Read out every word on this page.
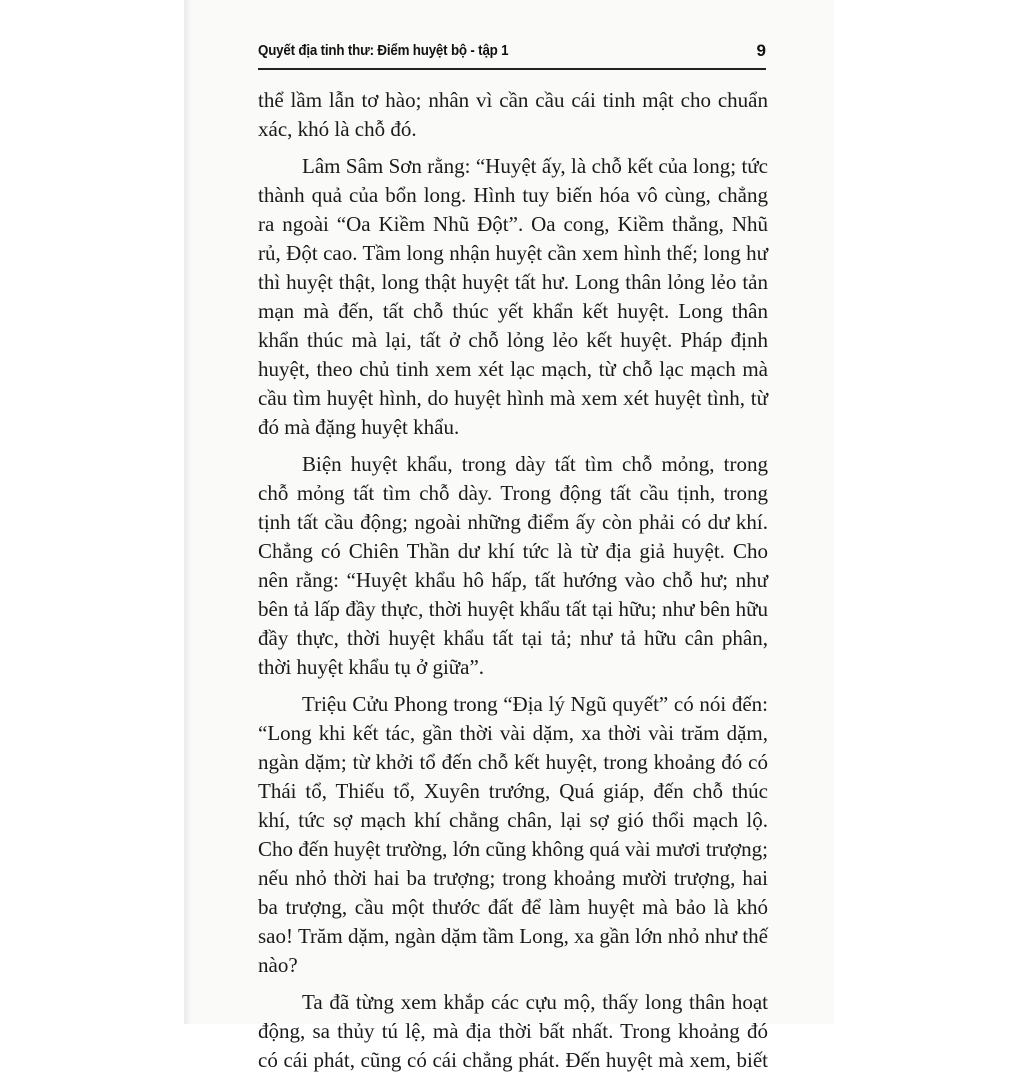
Quyết địa tinh thư: Điểm huyệt bộ - tập 1	9

thể lầm lẫn tơ hào; nhân vì cần cầu cái tinh mật cho chuẩn xác, khó là chỗ đó.

Lâm Sâm Sơn rằng: “Huyệt ấy, là chỗ kết của long; tức thành quả của bổn long. Hình tuy biến hóa vô cùng, chẳng ra ngoài “Oa Kiềm Nhũ Đột”. Oa cong, Kiềm thẳng, Nhũ rủ, Đột cao. Tầm long nhận huyệt cần xem hình thế; long hư thì huyệt thật, long thật huyệt tất hư. Long thân lỏng lẻo tản mạn mà đến, tất chỗ thúc yết khẩn kết huyệt. Long thân khẩn thúc mà lại, tất ở chỗ lỏng lẻo kết huyệt. Pháp định huyệt, theo chủ tinh xem xét lạc mạch, từ chỗ lạc mạch mà cầu tìm huyệt hình, do huyệt hình mà xem xét huyệt tình, từ đó mà đặng huyệt khẩu.

Biện huyệt khẩu, trong dày tất tìm chỗ mỏng, trong chỗ mỏng tất tìm chỗ dày. Trong động tất cầu tịnh, trong tịnh tất cầu động; ngoài những điểm ấy còn phải có dư khí. Chẳng có Chiên Thần dư khí tức là từ địa giả huyệt. Cho nên rằng: “Huyệt khẩu hô hấp, tất hướng vào chỗ hư; như bên tả lấp đầy thực, thời huyệt khẩu tất tại hữu; như bên hữu đầy thực, thời huyệt khẩu tất tại tả; như tả hữu cân phân, thời huyệt khẩu tụ ở giữa”.

Triệu Cửu Phong trong “Địa lý Ngũ quyết” có nói đến: “Long khi kết tác, gần thời vài dặm, xa thời vài trăm dặm, ngàn dặm; từ khởi tổ đến chỗ kết huyệt, trong khoảng đó có Thái tổ, Thiếu tổ, Xuyên trướng, Quá giáp, đến chỗ thúc khí, tức sợ mạch khí chẳng chân, lại sợ gió thổi mạch lộ. Cho đến huyệt trường, lớn cũng không quá vài mươi trượng; nếu nhỏ thời hai ba trượng; trong khoảng mười trượng, hai ba trượng, cầu một thước đất để làm huyệt mà bảo là khó sao! Trăm dặm, ngàn dặm tầm Long, xa gần lớn nhỏ như thế nào?

Ta đã từng xem khắp các cựu mộ, thấy long thân hoạt động, sa thủy tú lệ, mà địa thời bất nhất. Trong khoảng đó có cái phát, cũng có cái chẳng phát. Đến huyệt mà xem, biết
